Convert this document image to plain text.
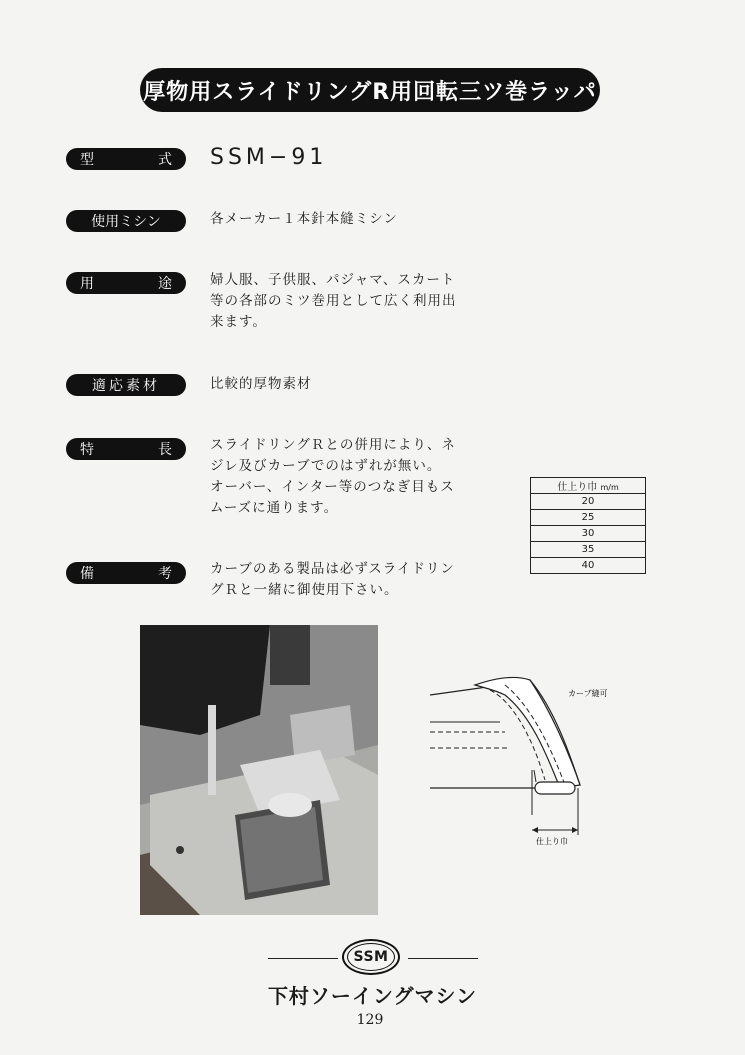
厚物用スライドリングR用回転三ツ巻ラッパ
型	式 SSM−91
使用ミシン	各メーカー１本針本縫ミシン
用	途	婦人服、子供服、パジャマ、スカート
等の各部のミツ巻用として広く利用出
来ます。
適応素材	比較的厚物素材
特	長	スライドリングＲとの併用により、ネ
ジレ及びカーブでのはずれが無い。
オーバー、インター等のつなぎ目もス
ムーズに通ります。
仕上り巾 m/m
20
25
30
35
40
備	考	カーブのある製品は必ずスライドリン
グＲと一緒に御使用下さい。
カーブ縫可
仕上り巾
SSM
下村ソーイングマシン
129
